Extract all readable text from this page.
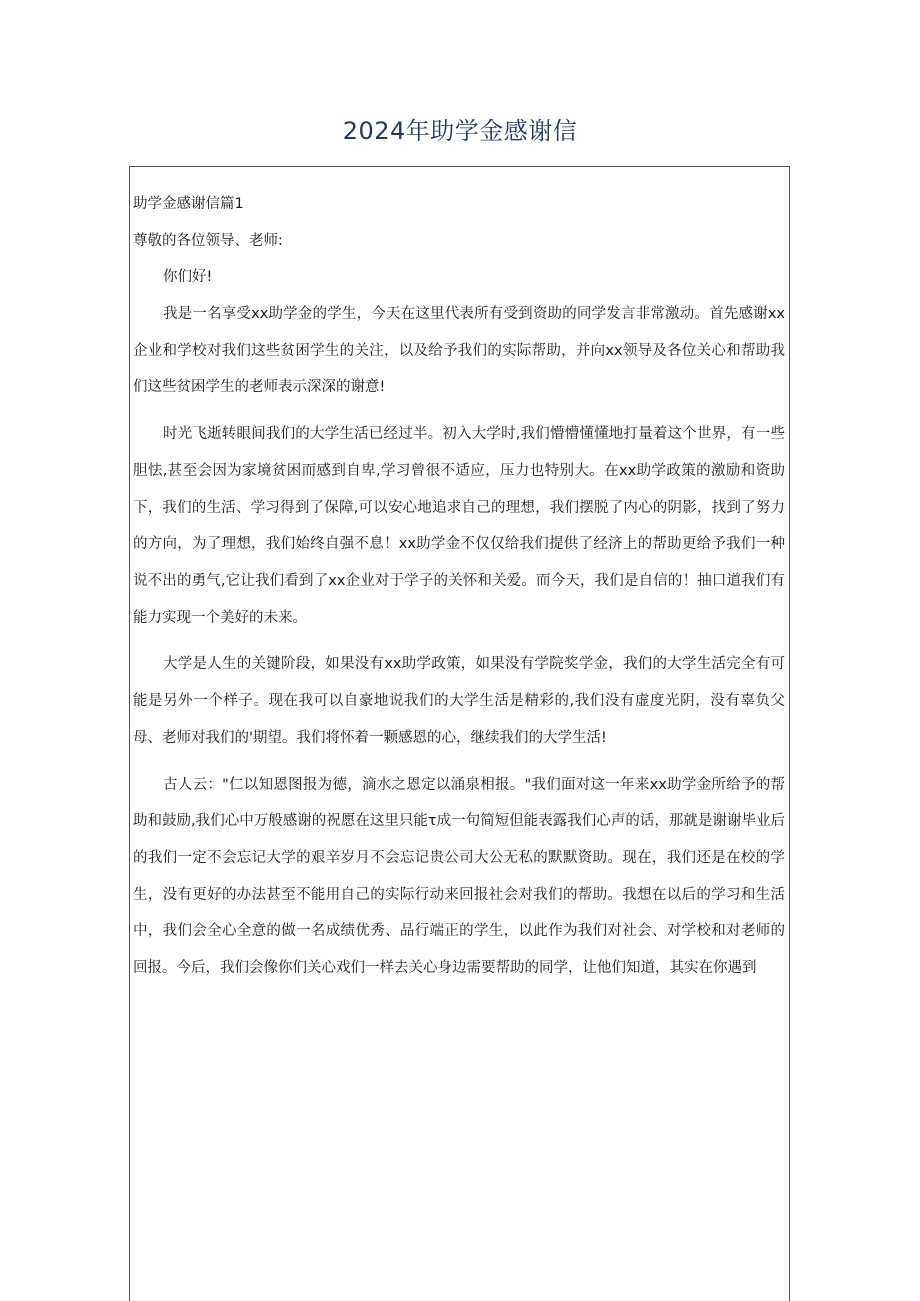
2024年助学金感谢信

助学金感谢信篇1

尊敬的各位领导、老师:

你们好!

我是一名享受xx助学金的学生，今天在这里代表所有受到资助的同学发言非常激动。首先感谢xx企业和学校对我们这些贫困学生的关注，以及给予我们的实际帮助，并向xx领导及各位关心和帮助我们这些贫困学生的老师表示深深的谢意!

时光飞逝转眼间我们的大学生活已经过半。初入大学时,我们懵懵懂懂地打量着这个世界，有一些胆怯,甚至会因为家境贫困而感到自卑,学习曾很不适应，压力也特别大。在xx助学政策的激励和资助下，我们的生活、学习得到了保障,可以安心地追求自己的理想，我们摆脱了内心的阴影，找到了努力的方向，为了理想，我们始终自强不息！xx助学金不仅仅给我们提供了经济上的帮助更给予我们一种说不出的勇气,它让我们看到了xx企业对于学子的关怀和关爱。而今天，我们是自信的！抽口道我们有能力实现一个美好的未来。

大学是人生的关键阶段，如果没有xx助学政策，如果没有学院奖学金，我们的大学生活完全有可能是另外一个样子。现在我可以自豪地说我们的大学生活是精彩的,我们没有虚度光阴，没有辜负父母、老师对我们的'期望。我们将怀着一颗感恩的心，继续我们的大学生活!

古人云："仁以知恩图报为德，滴水之恩定以涌泉相报。"我们面对这一年来xx助学金所给予的帮助和鼓励,我们心中万般感谢的祝愿在这里只能τ成一句简短但能表露我们心声的话，那就是谢谢毕业后的我们一定不会忘记大学的艰辛岁月不会忘记贵公司大公无私的默默资助。现在，我们还是在校的学生，没有更好的办法甚至不能用自己的实际行动来回报社会对我们的帮助。我想在以后的学习和生活中，我们会全心全意的做一名成绩优秀、品行端正的学生，以此作为我们对社会、对学校和对老师的回报。今后，我们会像你们关心戏们一样去关心身边需要帮助的同学，让他们知道，其实在你遇到
